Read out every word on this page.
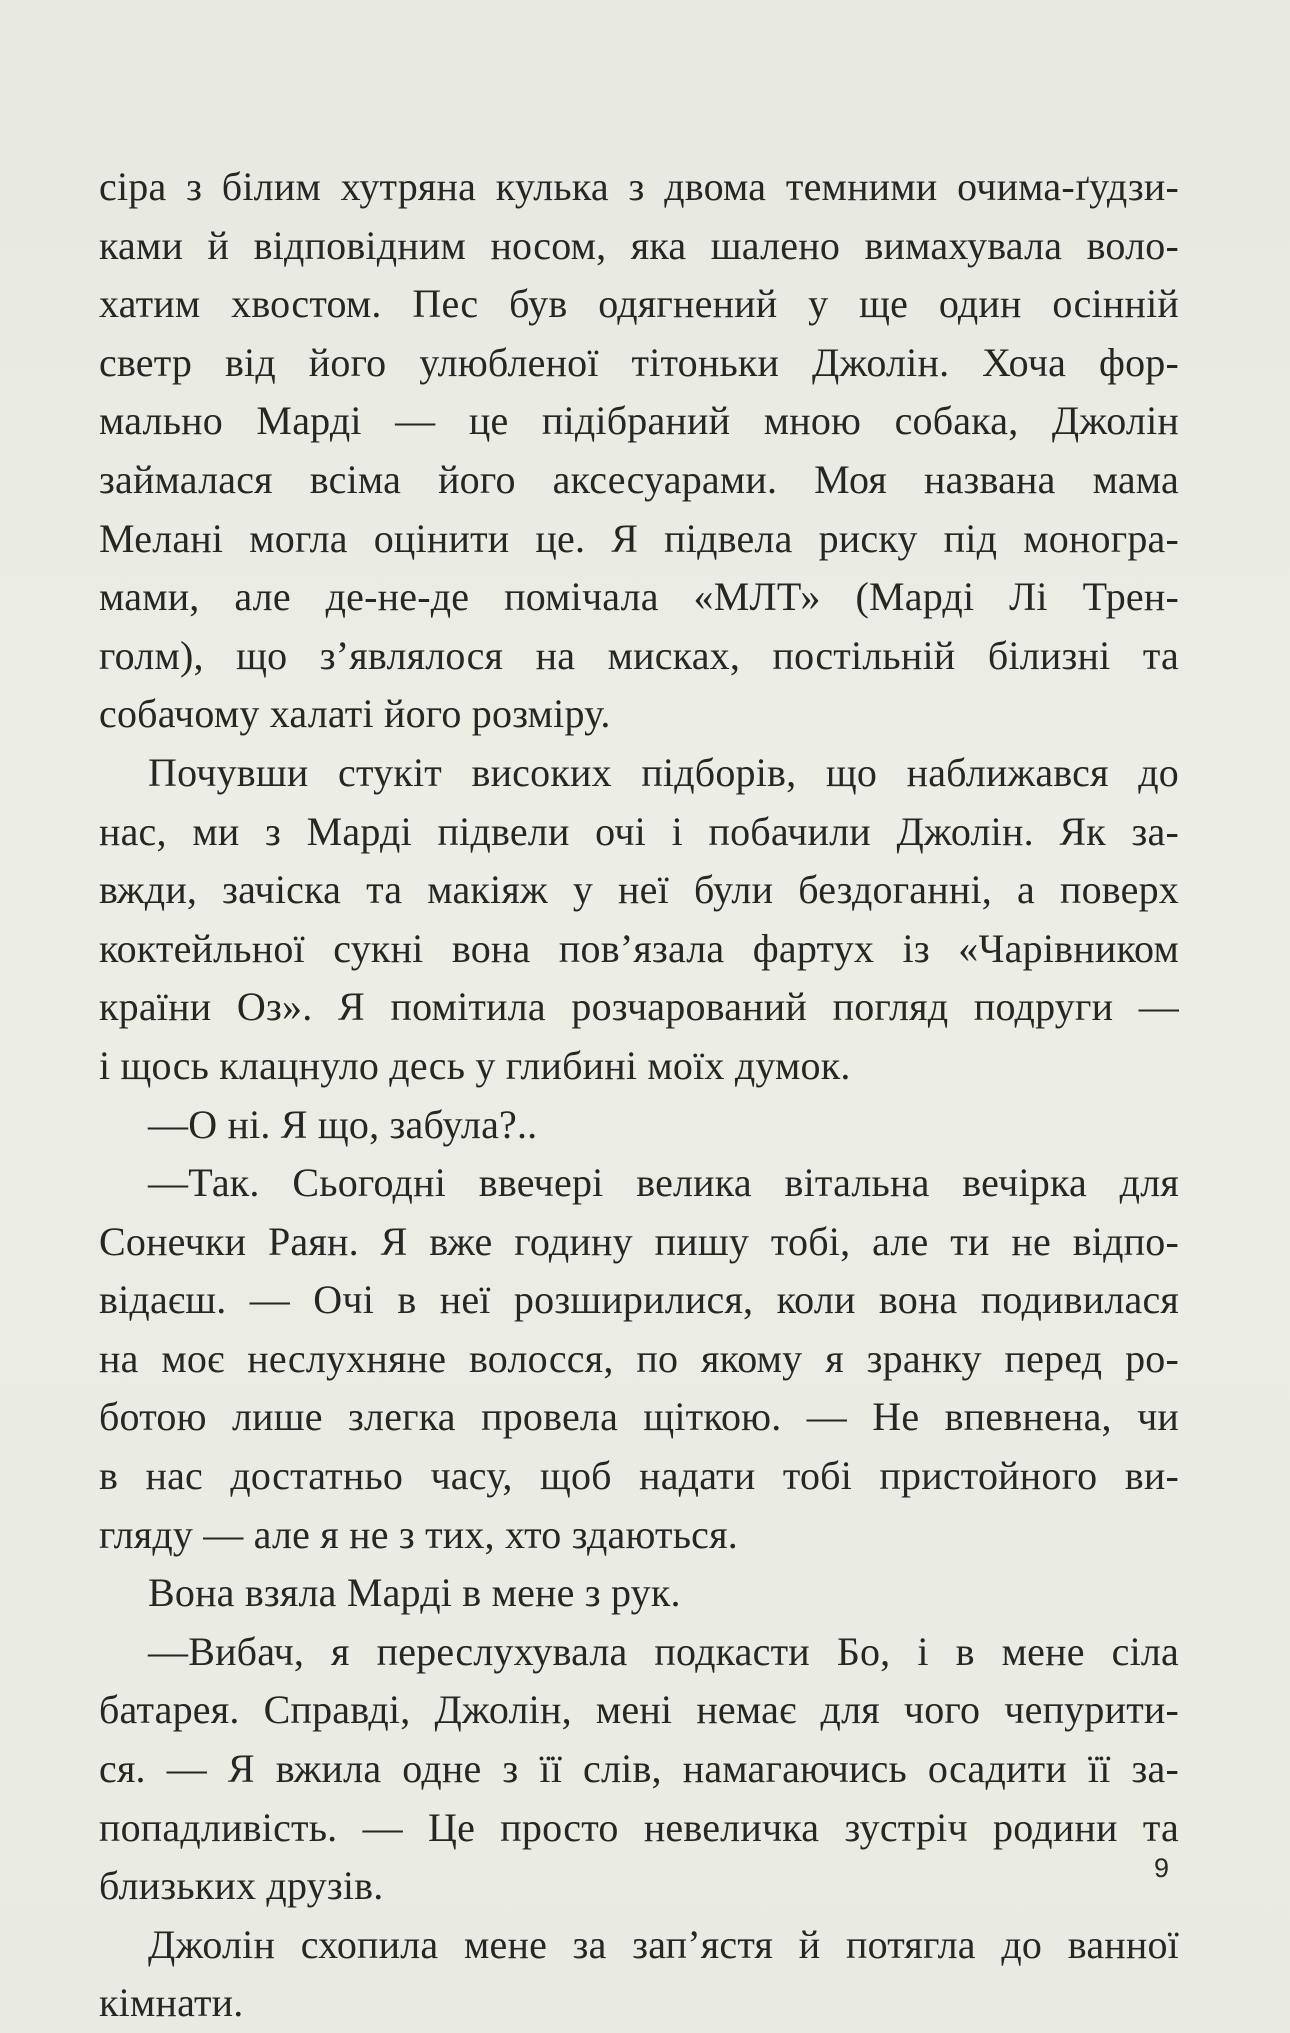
сіра з білим хутряна кулька з двома темними очима-ґудзи-

ками й відповідним носом, яка шалено вимахувала воло-

хатим хвостом. Пес був одягнений у ще один осінній

светр від його улюбленої тітоньки Джолін. Хоча фор-

мально Марді — це підібраний мною собака, Джолін

займалася всіма його аксесуарами. Моя названа мама

Мелані могла оцінити це. Я підвела риску під моногра-

мами, але де-не-де помічала «МЛТ» (Марді Лі Трен-

голм), що з’являлося на мисках, постільній білизні та

собачому халаті його розміру.

Почувши стукіт високих підборів, що наближався до

нас, ми з Марді підвели очі і побачили Джолін. Як за-

вжди, зачіска та макіяж у неї були бездоганні, а поверх

коктейльної сукні вона пов’язала фартух із «Чарівником

країни Оз». Я помітила розчарований погляд подруги —

і щось клацнуло десь у глибині моїх думок.

—О ні. Я що, забула?..

—Так. Сьогодні ввечері велика вітальна вечірка для

Сонечки Раян. Я вже годину пишу тобі, але ти не відпо-

відаєш. — Очі в неї розширилися, коли вона подивилася

на моє неслухняне волосся, по якому я зранку перед ро-

ботою лише злегка провела щіткою. — Не впевнена, чи

в нас достатньо часу, щоб надати тобі пристойного ви-

гляду — але я не з тих, хто здаються.

Вона взяла Марді в мене з рук.

—Вибач, я переслухувала подкасти Бо, і в мене сіла

батарея. Справді, Джолін, мені немає для чого чепурити-

ся. — Я вжила одне з її слів, намагаючись осадити її за-

попадливість. — Це просто невеличка зустріч родини та

близьких друзів.

Джолін схопила мене за зап’ястя й потягла до ванної

кімнати.

9
